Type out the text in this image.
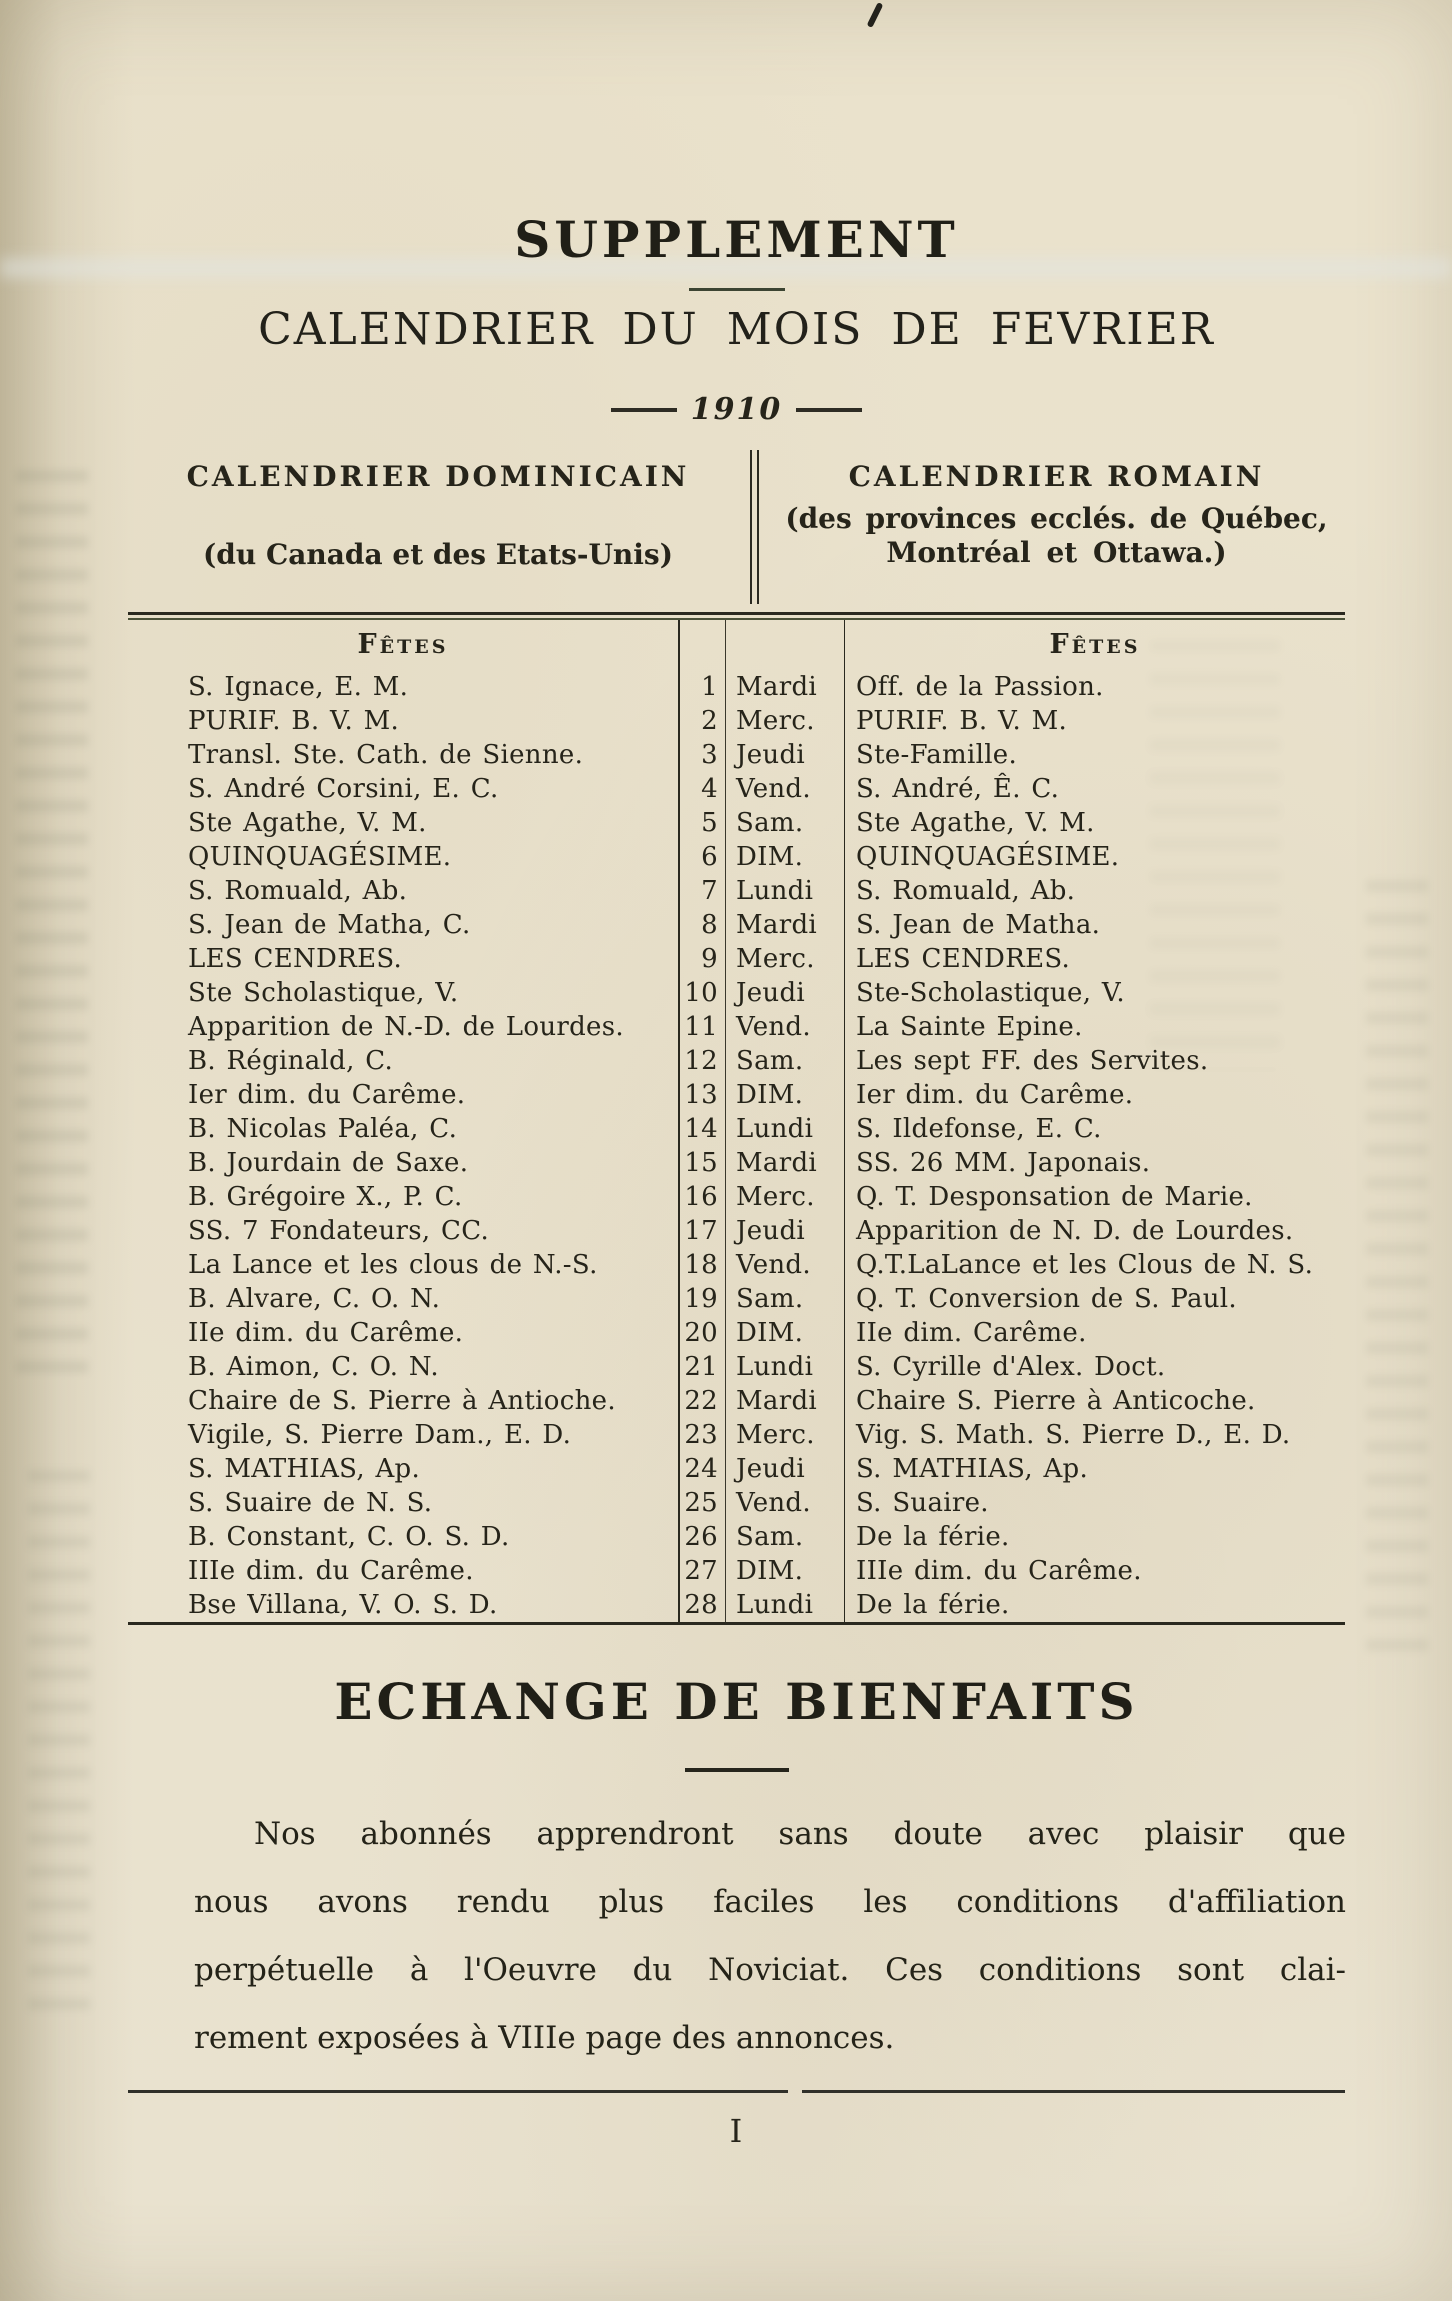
SUPPLEMENT
CALENDRIER DU MOIS DE FEVRIER
1910
CALENDRIER DOMINICAIN
(du Canada et des Etats-Unis)
CALENDRIER ROMAIN
(des provinces ecclés. de Québec,
Montréal et Ottawa.)
Fêtes	Fêtes
S. Ignace, E. M.	1 Mardi	Off. de la Passion.
PURIF. B. V. M.	2 Merc.	PURIF. B. V. M.
Transl. Ste. Cath. de Sienne.	3 Jeudi	Ste-Famille.
S. André Corsini, E. C.	4 Vend.	S. André, Ê. C.
Ste Agathe, V. M.	5 Sam.	Ste Agathe, V. M.
QUINQUAGÉSIME.	6 DIM.	QUINQUAGÉSIME.
S. Romuald, Ab.	7 Lundi	S. Romuald, Ab.
S. Jean de Matha, C.	8 Mardi	S. Jean de Matha.
LES CENDRES.	9 Merc.	LES CENDRES.
Ste Scholastique, V.	10 Jeudi	Ste-Scholastique, V.
Apparition de N.-D. de Lourdes.	11 Vend.	La Sainte Epine.
B. Réginald, C.	12 Sam.	Les sept FF. des Servites.
Ier dim. du Carême.	13 DIM.	Ier dim. du Carême.
B. Nicolas Paléa, C.	14 Lundi	S. Ildefonse, E. C.
B. Jourdain de Saxe.	15 Mardi	SS. 26 MM. Japonais.
B. Grégoire X., P. C.	16 Merc.	Q. T. Desponsation de Marie.
SS. 7 Fondateurs, CC.	17 Jeudi	Apparition de N. D. de Lourdes.
La Lance et les clous de N.-S.	18 Vend.	Q.T.LaLance et les Clous de N. S.
B. Alvare, C. O. N.	19 Sam.	Q. T. Conversion de S. Paul.
IIe dim. du Carême.	20 DIM.	IIe dim. Carême.
B. Aimon, C. O. N.	21 Lundi	S. Cyrille d'Alex. Doct.
Chaire de S. Pierre à Antioche.	22 Mardi	Chaire S. Pierre à Anticoche.
Vigile, S. Pierre Dam., E. D.	23 Merc.	Vig. S. Math. S. Pierre D., E. D.
S. MATHIAS, Ap.	24 Jeudi	S. MATHIAS, Ap.
S. Suaire de N. S.	25 Vend.	S. Suaire.
B. Constant, C. O. S. D.	26 Sam.	De la férie.
IIIe dim. du Carême.	27 DIM.	IIIe dim. du Carême.
Bse Villana, V. O. S. D.	28 Lundi	De la férie.
ECHANGE DE BIENFAITS
Nos abonnés apprendront sans doute avec plaisir que
nous avons rendu plus faciles les conditions d'affiliation
perpétuelle à l'Oeuvre du Noviciat. Ces conditions sont clai-
rement exposées à VIIIe page des annonces.
I
